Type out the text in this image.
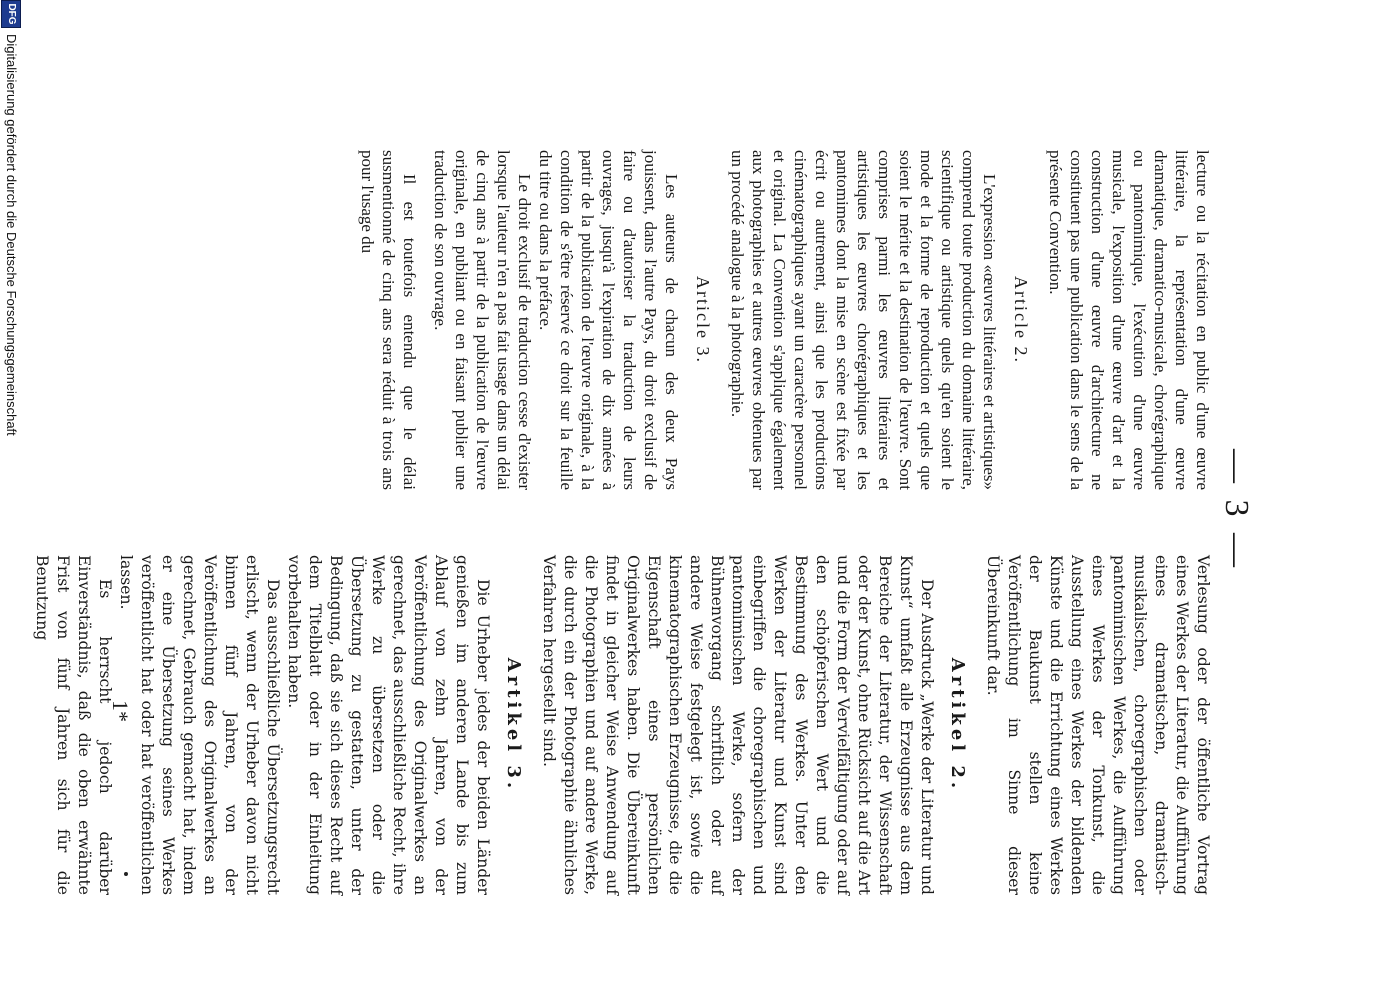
— 3 —

Verlesung oder der öffentliche Vortrag eines Werkes der Literatur, die Aufführung eines dramatischen, dramatisch-musikalischen, choregraphischen oder pantomimischen Werkes, die Aufführung eines Werkes der Tonkunst, die Ausstellung eines Werkes der bildenden Künste und die Errichtung eines Werkes der Baukunst stellen keine Veröffentlichung im Sinne dieser Übereinkunft dar.

Artikel 2.

Der Ausdruck „Werke der Literatur und Kunst“ umfaßt alle Erzeugnisse aus dem Bereiche der Literatur, der Wissenschaft oder der Kunst, ohne Rücksicht auf die Art und die Form der Vervielfältigung oder auf den schöpferischen Wert und die Bestimmung des Werkes. Unter den Werken der Literatur und Kunst sind einbegriffen die choregraphischen und pantomimischen Werke, sofern der Bühnenvorgang schriftlich oder auf andere Weise festgelegt ist, sowie die kinematographischen Erzeugnisse, die die Eigenschaft eines persönlichen Originalwerkes haben. Die Übereinkunft findet in gleicher Weise Anwendung auf die Photographien und auf andere Werke, die durch ein der Photographie ähnliches Verfahren hergestellt sind.

Artikel 3.

Die Urheber jedes der beiden Länder genießen im anderen Lande bis zum Ablauf von zehn Jahren, von der Veröffentlichung des Originalwerkes an gerechnet, das ausschließliche Recht, ihre Werke zu übersetzen oder die Übersetzung zu gestatten, unter der Bedingung, daß sie sich dieses Recht auf dem Titelblatt oder in der Einleitung vorbehalten haben.

Das ausschließliche Übersetzungsrecht erlischt, wenn der Urheber davon nicht binnen fünf Jahren, von der Veröffentlichung des Originalwerkes an gerechnet, Gebrauch gemacht hat, indem er eine Übersetzung seines Werkes veröffentlicht hat oder hat veröffentlichen lassen.

Es herrscht jedoch darüber Einverständnis, daß die oben erwähnte Frist von fünf Jahren sich für die Benutzung

lecture ou la récitation en public d'une œuvre littéraire, la représentation d'une œuvre dramatique, dramatico-musicale, chorégraphique ou pantomimique, l'exécution d'une œuvre musicale, l'exposition d'une œuvre d'art et la construction d'une œuvre d'architecture ne constituent pas une publication dans le sens de la présente Convention.

Article 2.

L'expression «œuvres littéraires et artistiques» comprend toute production du domaine littéraire, scientifique ou artistique quels qu'en soient le mode et la forme de reproduction et quels que soient le mérite et la destination de l'œuvre. Sont comprises parmi les œuvres littéraires et artistiques les œuvres chorégraphiques et les pantomimes dont la mise en scène est fixée par écrit ou autrement, ainsi que les productions cinématographiques ayant un caractère personnel et original. La Convention s'applique également aux photographies et autres œuvres obtenues par un procédé analogue à la photographie.

Article 3.

Les auteurs de chacun des deux Pays jouissent, dans l'autre Pays, du droit exclusif de faire ou d'autoriser la traduction de leurs ouvrages, jusqu'à l'expiration de dix années à partir de la publication de l'œuvre originale, à la condition de s'être réservé ce droit sur la feuille du titre ou dans la préface.

Le droit exclusif de traduction cesse d'exister lorsque l'auteur n'en a pas fait usage dans un délai de cinq ans à partir de la publication de l'œuvre originale, en publiant ou en faisant publier une traduction de son ouvrage.

Il est toutefois entendu que le délai susmentionné de cinq ans sera réduit à trois ans pour l'usage du

1*
DFG
Digitalisierung gefördert durch die Deutsche Forschungsgemeinschaft
